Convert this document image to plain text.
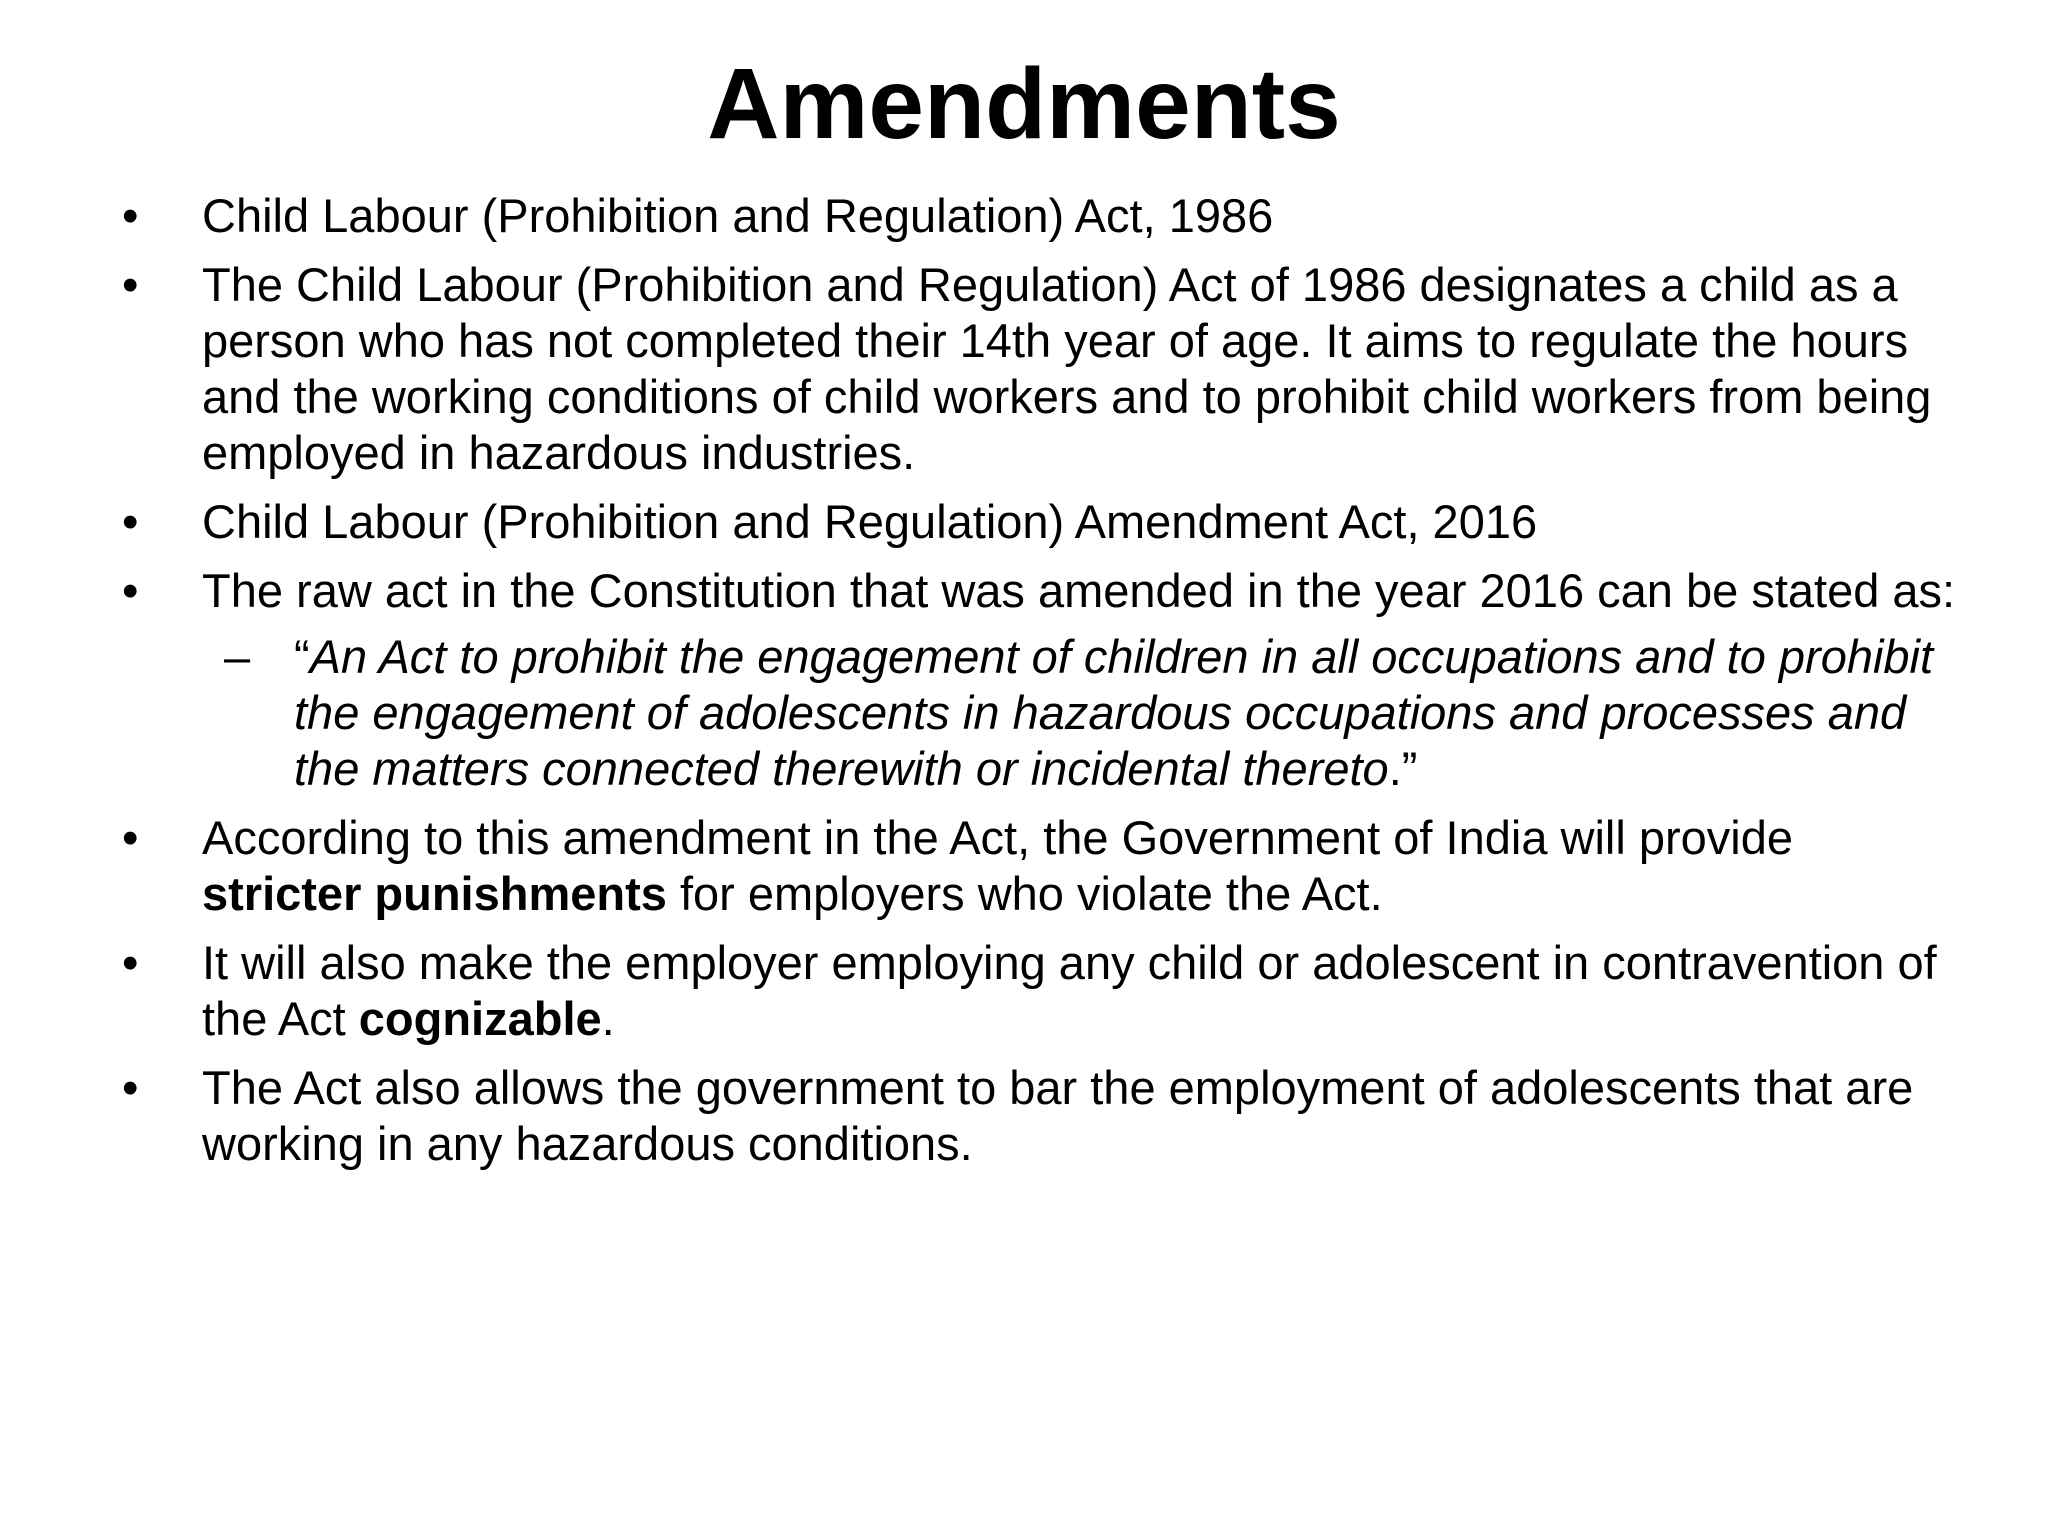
Amendments
•	Child Labour (Prohibition and Regulation) Act, 1986
•	The Child Labour (Prohibition and Regulation) Act of 1986 designates a child as a person who has not completed their 14th year of age. It aims to regulate the hours and the working conditions of child workers and to prohibit child workers from being employed in hazardous industries.
•	Child Labour (Prohibition and Regulation) Amendment Act, 2016
•	The raw act in the Constitution that was amended in the year 2016 can be stated as:
– “An Act to prohibit the engagement of children in all occupations and to prohibit the engagement of adolescents in hazardous occupations and processes and the matters connected therewith or incidental thereto.”
•	According to this amendment in the Act, the Government of India will provide stricter punishments for employers who violate the Act.
•	It will also make the employer employing any child or adolescent in contravention of the Act cognizable.
•	The Act also allows the government to bar the employment of adolescents that are working in any hazardous conditions.
